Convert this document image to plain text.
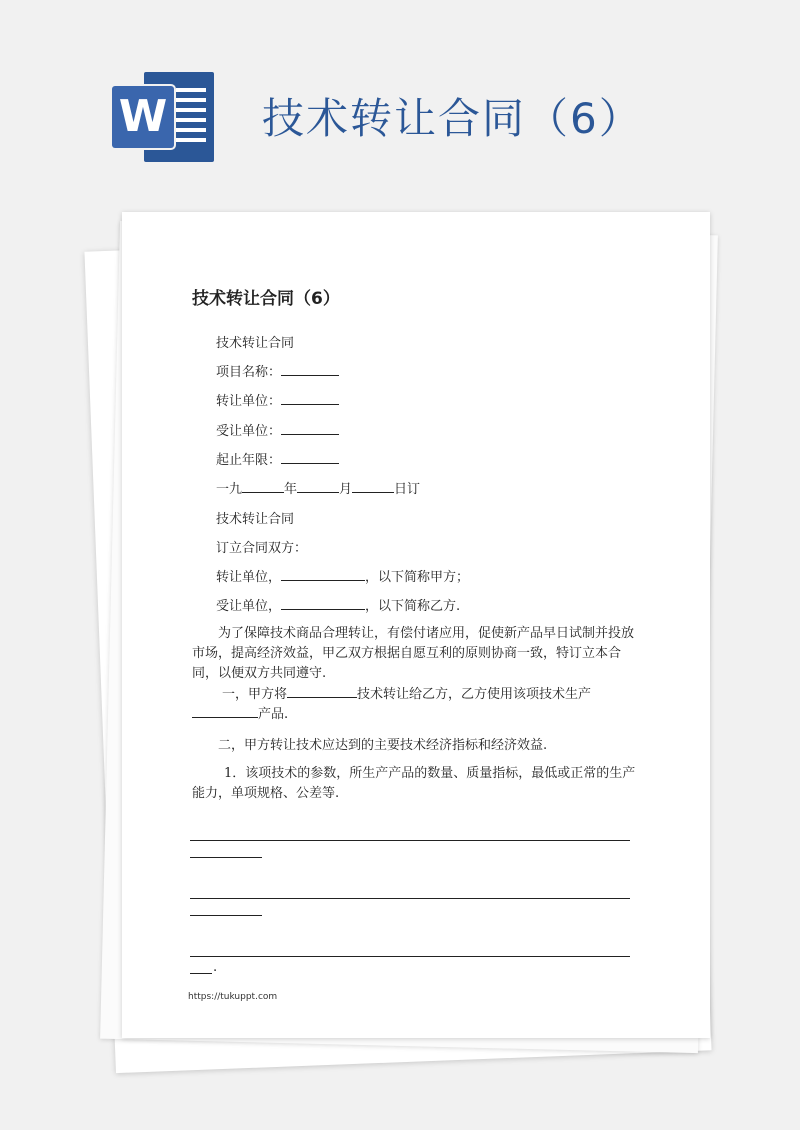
W 技术转让合同（6）
技术转让合同（6）
技术转让合同
项目名称：
转让单位：
受让单位：
起止年限：
一九	年	月	日订
技术转让合同
订立合同双方：
转让单位，	，以下简称甲方；
受让单位，	，以下简称乙方.
为了保障技术商品合理转让，有偿付诸应用，促使新产品早日试制并投放市场，提高经济效益，甲乙双方根据自愿互利的原则协商一致，特订立本合同，以便双方共同遵守.
一，甲方将	技术转让给乙方，乙方使用该项技术生产
产品.
二，甲方转让技术应达到的主要技术经济指标和经济效益.
1．该项技术的参数，所生产产品的数量、质量指标，最低或正常的生产能力，单项规格、公差等.
.
https://tukuppt.com
